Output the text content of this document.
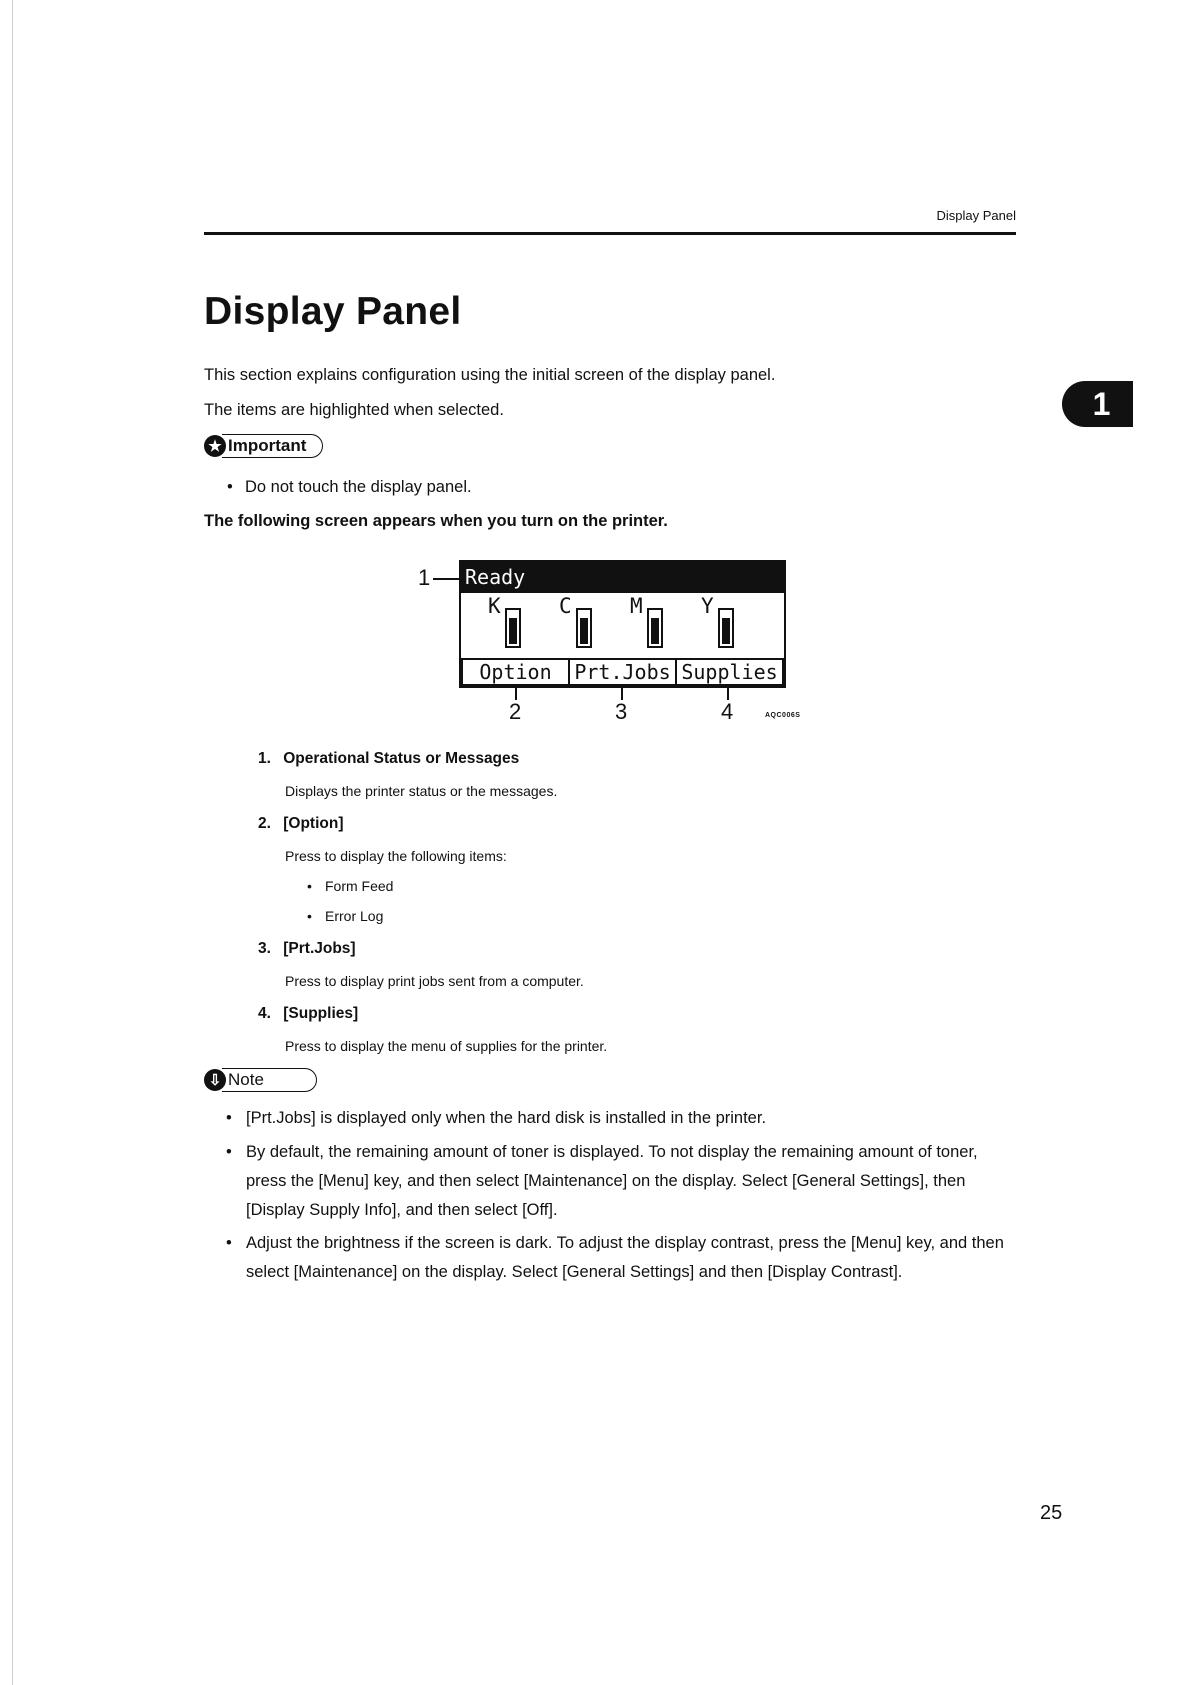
Display Panel
1
Display Panel
This section explains configuration using the initial screen of the display panel.
The items are highlighted when selected.
★ Important
• Do not touch the display panel.
The following screen appears when you turn on the printer.
1 Ready
K	C	M	Y
Option	Prt.Jobs Supplies
2	3	4	AQC006S
1. Operational Status or Messages
Displays the printer status or the messages.
2. [Option]
Press to display the following items:
• Form Feed
• Error Log
3. [Prt.Jobs]
Press to display print jobs sent from a computer.
4. [Supplies]
Press to display the menu of supplies for the printer.
⇩ Note
• [Prt.Jobs] is displayed only when the hard disk is installed in the printer.
• By default, the remaining amount of toner is displayed. To not display the remaining amount of toner, press the [Menu] key, and then select [Maintenance] on the display. Select [General Settings], then [Display Supply Info], and then select [Off].
• Adjust the brightness if the screen is dark. To adjust the display contrast, press the [Menu] key, and then select [Maintenance] on the display. Select [General Settings] and then [Display Contrast].
25
